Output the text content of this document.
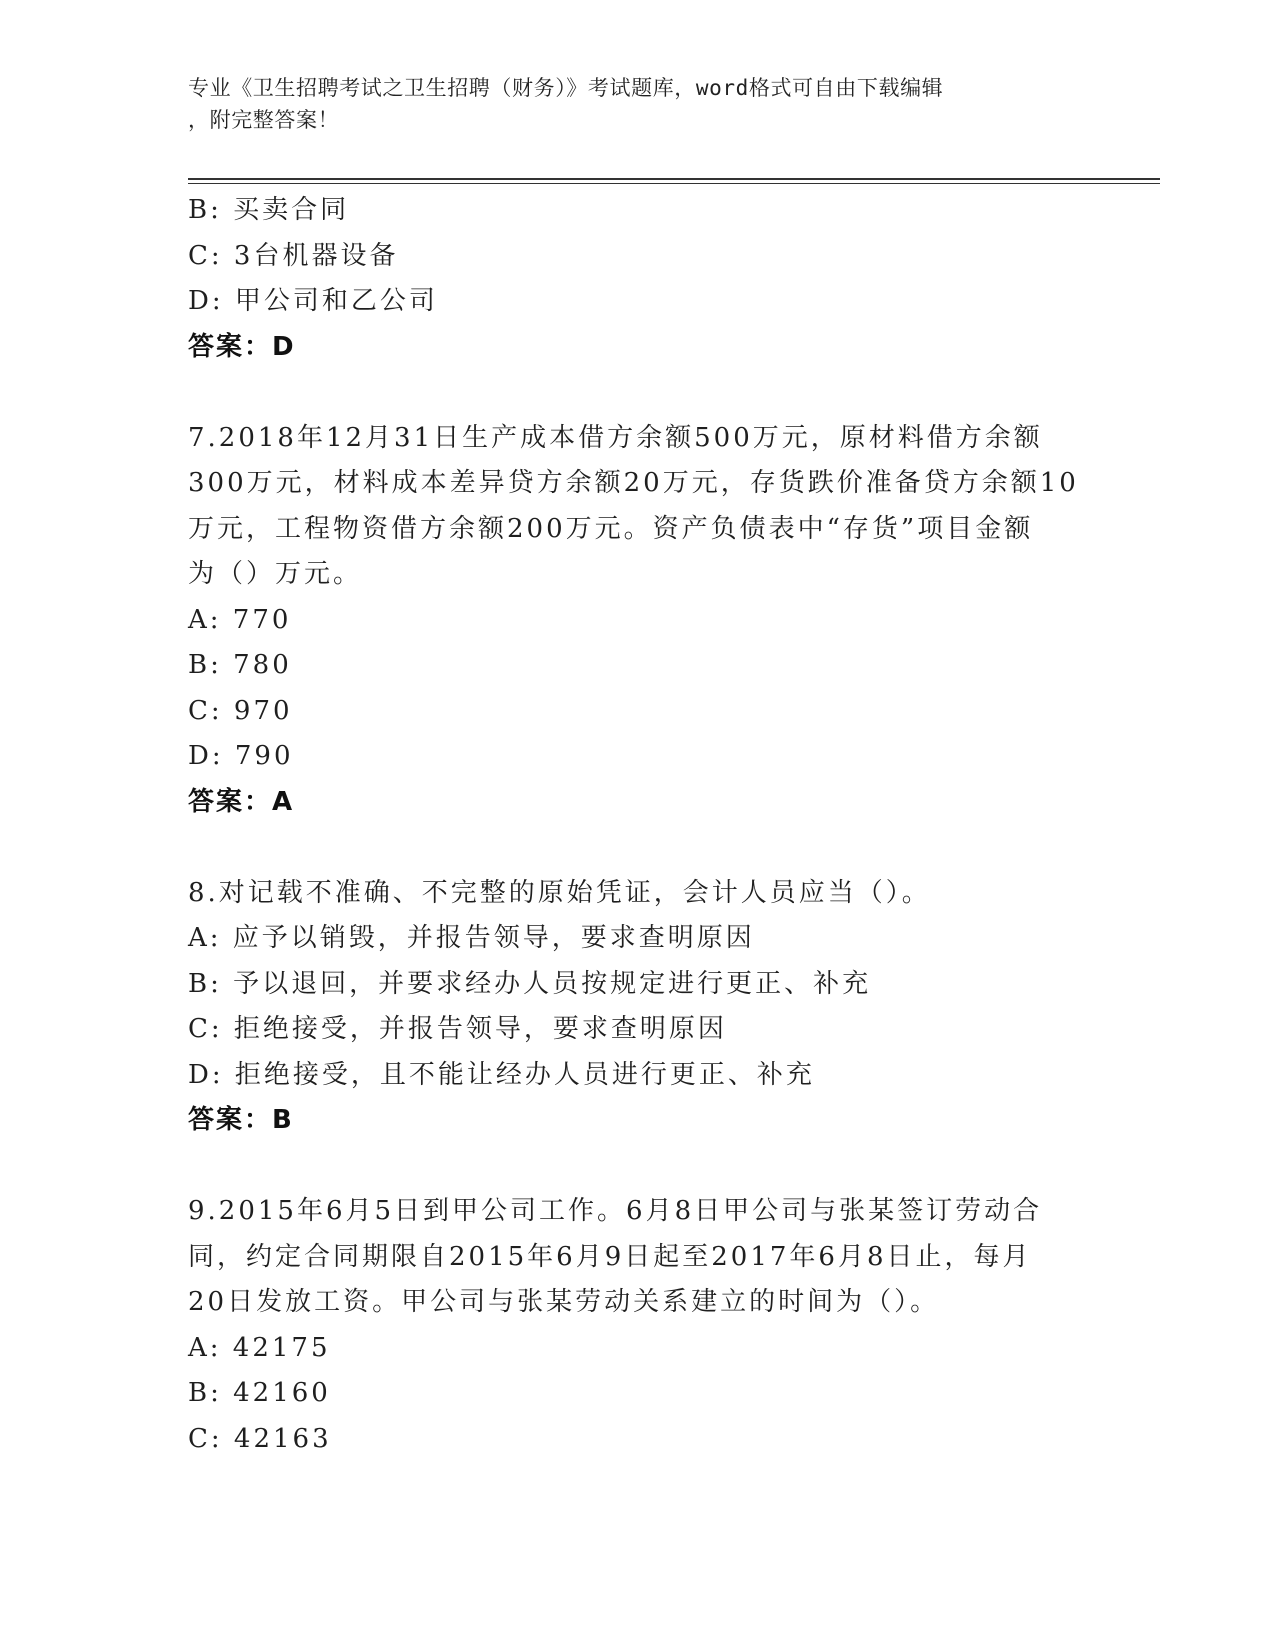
专业《卫生招聘考试之卫生招聘（财务）》考试题库，word格式可自由下载编辑
，附完整答案！
B: 买卖合同
C: 3台机器设备
D: 甲公司和乙公司
答案：D
7.2018年12月31日生产成本借方余额500万元，原材料借方余额
300万元，材料成本差异贷方余额20万元，存货跌价准备贷方余额10
万元，工程物资借方余额200万元。资产负债表中“存货”项目金额
为（）万元。
A: 770
B: 780
C: 970
D: 790
答案：A
8.对记载不准确、不完整的原始凭证，会计人员应当（）。
A: 应予以销毁，并报告领导，要求查明原因
B: 予以退回，并要求经办人员按规定进行更正、补充
C: 拒绝接受，并报告领导，要求查明原因
D: 拒绝接受，且不能让经办人员进行更正、补充
答案：B
9.2015年6月5日到甲公司工作。6月8日甲公司与张某签订劳动合
同，约定合同期限自2015年6月9日起至2017年6月8日止，每月
20日发放工资。甲公司与张某劳动关系建立的时间为（）。
A: 42175
B: 42160
C: 42163
